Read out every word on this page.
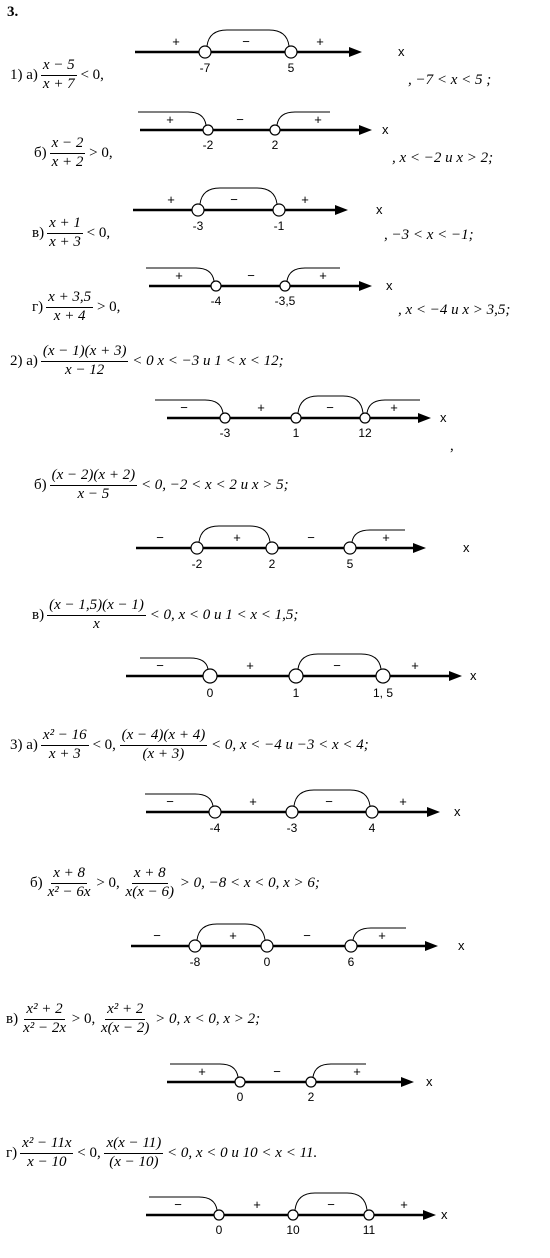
3.
1) $а) \frac{x - 5}{x + 7} < 0$,	, −7 < x < 5 ;
$б) \frac{x - 2}{x + 2} > 0$,	, x < −2 и x > 2;
$в) \frac{x + 1}{x + 3} < 0$,	, −3 < x < −1;
$г) \frac{x + 3,5}{x + 4} > 0$,	, x < −4 и x > 3,5;
2) $а) \frac{(x - 1)(x + 3)}{x - 12} < 0$ x < −3 и 1 < x < 12;
,
$б) \frac{(x - 2)(x + 2)}{x - 5} < 0$, −2 < x < 2 и x > 5;
$в) \frac{(x - 1,5)(x - 1)}{x} < 0$, x < 0 и 1 < x < 1,5;
3) $а) \frac{\text{x² − 16}}{x + 3} < 0$, $\frac{(x - 4)(x + 4)}{(x + 3)} < 0$, x < −4 и −3 < x < 4;
$б) \frac{x + 8}{\text{x² − 6x}} > 0$, $\frac{x + 8}{x(x - 6)} > 0$, −8 < x < 0, x > 6;
$в) \frac{\text{x² + 2}}{\text{x² − 2x}} > 0$, $\frac{\text{x² + 2}}{x(x - 2)} > 0$, x < 0, x > 2;
$г) \frac{\text{x² − 11x}}{x - 10} < 0$, $\frac{x(x - 11)}{(x - 10)} < 0$, x < 0 и 10 < x < 11.
x
-7	5
+	−	+
x
-2	2
+	−	+
x
-3	-1
+	−	+
x
-4	-3,5
+	−	+
x
-3	1	12
−	+	−	+
x
-2	2	5
−	+	−	+
x
0	1	1, 5
−	+	−	+
x
-4	-3	4
−	+	−	+
x
-8	0	6
−	+	−	+
x
0	2
+	−	+
x
0	10	11
−	+	−	+
